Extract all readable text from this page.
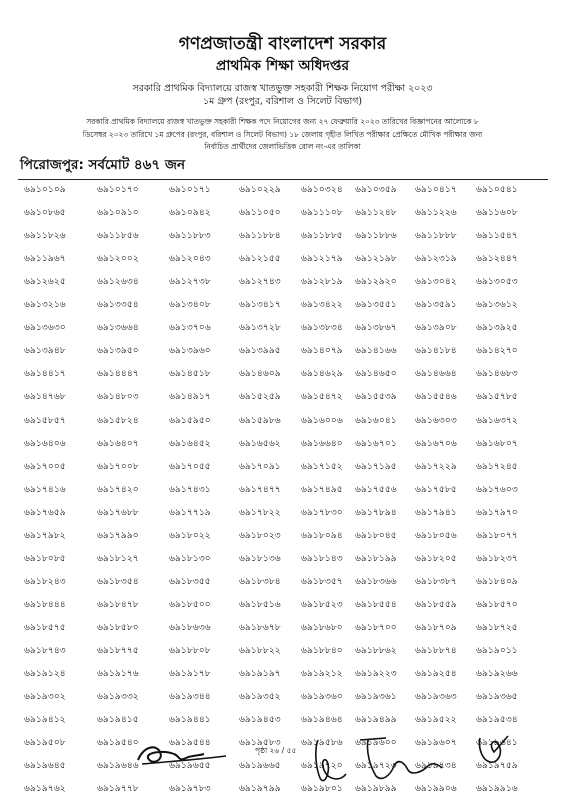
গণপ্রজাতন্ত্রী বাংলাদেশ সরকার
প্রাথমিক শিক্ষা অধিদপ্তর
সরকারি প্রাথমিক বিদ্যালয়ে রাজস্ব খাতভুক্ত সহকারী শিক্ষক নিয়োগ পরীক্ষা ২০২৩
১ম গ্রুপ (রংপুর, বরিশাল ও সিলেট বিভাগ)
সরকারি প্রাথমিক বিদ্যালয়ে রাজস্ব খাতভুক্ত সহকারী শিক্ষক পদে নিয়োগের জন্য ২৭ ফেব্রুয়ারি ২০২৩ তারিখের বিজ্ঞাপনের আলোকে ৮
ডিসেম্বর ২০২৩ তারিখে ১ম গ্রুপের (রংপুর, বরিশাল ও সিলেট বিভাগ) ১৮ জেলায় গৃহীত লিখিত পরীক্ষার প্রেক্ষিতে মৌখিক পরীক্ষার জন্য
নির্বাচিত প্রার্থীদের জেলাভিত্তিক রোল নং-এর তালিকা
পিরোজপুর: সর্বমোট ৪৬৭ জন
৬৯১০১০৯	৬৯১০১৭০	৬৯১০১৭১	৬৯১০২২৯	৬৯১০৩২৪	৬৯১০৩৫৯	৬৯১০৪১৭	৬৯১০৫৪১
৬৯১০৮৬৫	৬৯১০৯১০	৬৯১০৯৪২	৬৯১১০৫০	৬৯১১১০৮	৬৯১১২৪৮	৬৯১১২২৬	৬৯১১৬০৮
৬৯১১৮২৬	৬৯১১৮৫৬	৬৯১১৮৮৩	৬৯১১৮৮৪	৬৯১১৮৮৫	৬৯১১৮৮৬	৬৯১১৮৮৮	৬৯১১৫৪৭
৬৯১১৯৬৭	৬৯১২০০২	৬৯১২০৪৩	৬৯১২১৫৫	৬৯১২১৭৯	৬৯১২১৯৮	৬৯১২৩১৯	৬৯১২৪৪৭
৬৯১২৬২৫	৬৯১২৬৩৪	৬৯১২৭৩৮	৬৯১২৭৪৩	৬৯১২৮১৯	৬৯১২৯২০	৬৯১৩০৪২	৬৯১৩০৫৩
৬৯১৩২১৬	৬৯১৩৩৫৪	৬৯১৩৪০৮	৬৯১৩৪১৭	৬৯১৩৪২২	৬৯১৩৫৫১	৬৯১৩৫৯১	৬৯১৩৬১২
৬৯১৩৬৩০	৬৯১৩৬৬৪	৬৯১৩৭০৬	৬৯১৩৭২৮	৬৯১৩৮৩৪	৬৯১৩৮৬৭	৬৯১৩৯০৮	৬৯১৩৯২৫
৬৯১৩৯৪৮	৬৯১৩৯৫০	৬৯১৩৯৬০	৬৯১৩৯৯৫	৬৯১৪০৭৯	৬৯১৪১৬৬	৬৯১৪১৮৪	৬৯১৪২৭০
৬৯১৪৪১৭	৬৯১৪৪৪৭	৬৯১৪৫১৮	৬৯১৪৬০৯	৬৯১৪৬২৯	৬৯১৪৬৫০	৬৯১৪৬৬৪	৬৯১৪৬৮৩
৬৯১৪৭৬৮	৬৯১৪৮০৩	৬৯১৪৯১৭	৬৯১৫২৫৯	৬৯১৫৪৭২	৬৯১৫৫৩৯	৬৯১৫৫৪৬	৬৯১৫৭৮৫
৬৯১৫৮৫৭	৬৯১৫৮২৪	৬৯১৫৯৫০	৬৯১৫৯৮৬	৬৯১৬০০৬	৬৯১৬০৪১	৬৯১৬৩০৩	৬৯১৬৩৭২
৬৯১৬৪০৬	৬৯১৬৪০৭	৬৯১৬৪৫২	৬৯১৬৫৬২	৬৯১৬৬৪০	৬৯১৬৭০১	৬৯১৬৭০৬	৬৯১৬৮০৭
৬৯১৭০০৫	৬৯১৭০০৮	৬৯১৭০৫৫	৬৯১৭০৯১	৬৯১৭১৫২	৬৯১৭১৯৫	৬৯১৭২২৯	৬৯১৭২৪৫
৬৯১৭৪১৬	৬৯১৭৪২০	৬৯১৭৪৩১	৬৯১৭৪৭৭	৬৯১৭৪৯৫	৬৯১৭৫৫৬	৬৯১৭৫৮৫	৬৯১৭৬০৩
৬৯১৭৬৫৯	৬৯১৭৬৮৮	৬৯১৭৭১৯	৬৯১৭৮২২	৬৯১৭৮৩০	৬৯১৭৮৯৪	৬৯১৭৯৪১	৬৯১৭৯৭০
৬৯১৭৯৮২	৬৯১৭৯৯০	৬৯১৮০২২	৬৯১৮০২৩	৬৯১৮০৯৪	৬৯১৮০৪৫	৬৯১৮০৫৬	৬৯১৮০৭৭
৬৯১৮০৮৫	৬৯১৮১২৭	৬৯১৮১৩০	৬৯১৮১৩৬	৬৯১৮১৪৩	৬৯১৮১৯৯	৬৯১৮২০৫	৬৯১৮২৩৭
৬৯১৮২৪৩	৬৯১৮৩৫৪	৬৯১৮৩৫৫	৬৯১৮৩৮৪	৬৯১৮৩৫৭	৬৯১৮৩৬৬	৬৯১৮৩৮৭	৬৯১৮৪০৯
৬৯১৮৪৪৪	৬৯১৮৪৭৮	৬৯১৮৫০০	৬৯১৮৫১৬	৬৯১৮৫২৩	৬৯১৮৫৫৪	৬৯১৮৫৫৯	৬৯১৮৫৭০
৬৯১৮৫৭৫	৬৯১৮৫৮০	৬৯১৮৬৩৬	৬৯১৮৬৭৮	৬৯১৮৬৮০	৬৯১৮৭০০	৬৯১৮৭০৯	৬৯১৮৭২৫
৬৯১৮৭৪৩	৬৯১৮৭৭৫	৬৯১৮৮০৮	৬৯১৮৮২২	৬৯১৮৮৪০	৬৯১৮৮৬২	৬৯১৮৮৭৪	৬৯১৯০১১
৬৯১৯১২৪	৬৯১৯১৭৬	৬৯১৯১৭৮	৬৯১৯১৯৭	৬৯১৯২১২	৬৯১৯২২৩	৬৯১৯২৫৪	৬৯১৯২৬৬
৬৯১৯৩০২	৬৯১৯৩৩২	৬৯১৯৩৪৪	৬৯১৯৩৫২	৬৯১৯৩৬০	৬৯১৯৩৬১	৬৯১৯৩৬৩	৬৯১৯৩৬৫
৬৯১৯৪১২	৬৯১৯৪১৫	৬৯১৯৪৪১	৬৯১৯৪৫৩	৬৯১৯৪৬৪	৬৯১৯৪৯৯	৬৯১৯৫২২	৬৯১৯৫৩৪
৬৯১৯৫০৮	৬৯১৯৫৪০	৬৯১৯৫৪৪	৬৯১৯৫৮৩	৬৯১৯৫৮৬	৬৯১৯৬০০	৬৯১৯৬০৭	৬৯১৯৬৪১
৬৯১৯৬৪৫	৬৯১৯৬৪৬	৬৯১৯৬৫৫	৬৯১৯৬৬৫	৬৯১৯৭২০	৬৯১৯৭২৩	৬৯১৯৭৩৪	৬৯১৯৭৫৯
৬৯১৯৭৬২	৬৯১৯৭৭৮	৬৯১৯৭৮৩	৬৯১৯৭৯৯	৬৯১৯৮০১	৬৯১৯৮৯৯	৬৯১৯৯০৬	৬৯১৯৯১৬
পৃষ্ঠা ২৬ / ৫৫
